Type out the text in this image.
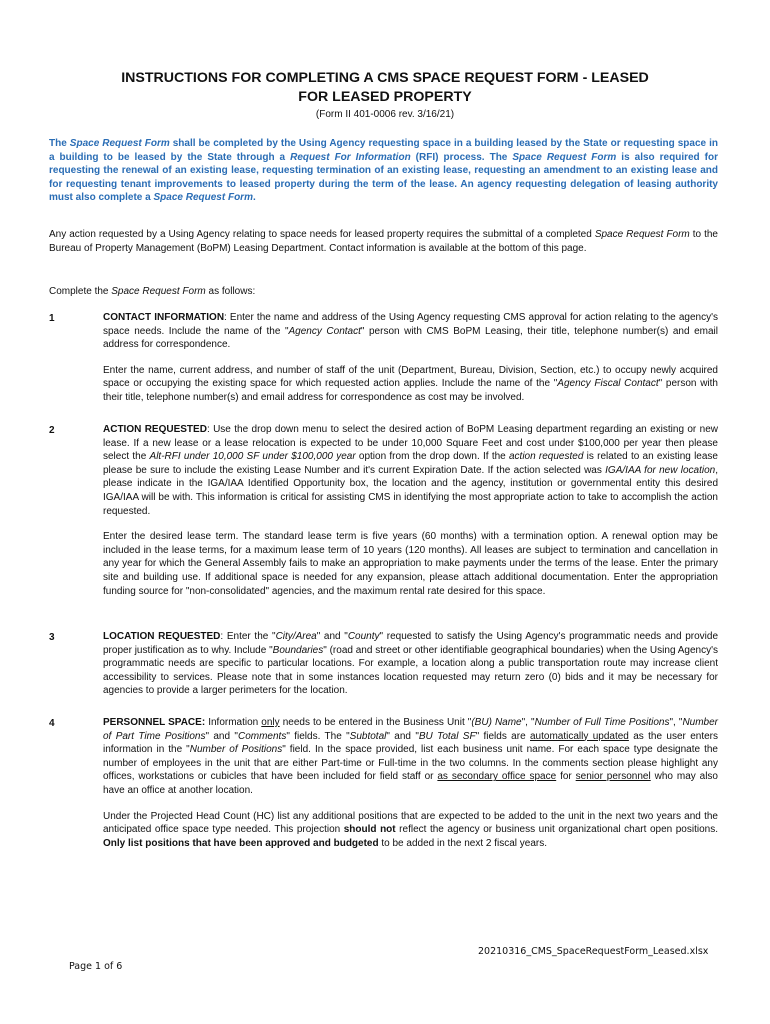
INSTRUCTIONS FOR COMPLETING A CMS SPACE REQUEST FORM - LEASED
FOR LEASED PROPERTY
(Form II 401-0006 rev. 3/16/21)
The Space Request Form shall be completed by the Using Agency requesting space in a building leased by the State or requesting space in a building to be leased by the State through a Request For Information (RFI) process. The Space Request Form is also required for requesting the renewal of an existing lease, requesting termination of an existing lease, requesting an amendment to an existing lease and for requesting tenant improvements to leased property during the term of the lease. An agency requesting delegation of leasing authority must also complete a Space Request Form.
Any action requested by a Using Agency relating to space needs for leased property requires the submittal of a completed Space Request Form to the Bureau of Property Management (BoPM) Leasing Department. Contact information is available at the bottom of this page.
Complete the Space Request Form as follows:
1	CONTACT INFORMATION: Enter the name and address of the Using Agency requesting CMS approval for action relating to the agency's space needs. Include the name of the "Agency Contact" person with CMS BoPM Leasing, their title, telephone number(s) and email address for correspondence.

Enter the name, current address, and number of staff of the unit (Department, Bureau, Division, Section, etc.) to occupy newly acquired space or occupying the existing space for which requested action applies. Include the name of the "Agency Fiscal Contact" person with their title, telephone number(s) and email address for correspondence as cost may be involved.

2	ACTION REQUESTED: Use the drop down menu to select the desired action of BoPM Leasing department regarding an existing or new lease. If a new lease or a lease relocation is expected to be under 10,000 Square Feet and cost under $100,000 per year then please select the Alt-RFI under 10,000 SF under $100,000 year option from the drop down. If the action requested is related to an existing lease please be sure to include the existing Lease Number and it's current Expiration Date. If the action selected was IGA/IAA for new location, please indicate in the IGA/IAA Identified Opportunity box, the location and the agency, institution or governmental entity this desired IGA/IAA will be with. This information is critical for assisting CMS in identifying the most appropriate action to take to accomplish the action requested.

Enter the desired lease term. The standard lease term is five years (60 months) with a termination option. A renewal option may be included in the lease terms, for a maximum lease term of 10 years (120 months). All leases are subject to termination and cancellation in any year for which the General Assembly fails to make an appropriation to make payments under the terms of the lease. Enter the primary site and building use. If additional space is needed for any expansion, please attach additional documentation. Enter the appropriation funding source for "non-consolidated" agencies, and the maximum rental rate desired for this space.

3	LOCATION REQUESTED: Enter the "City/Area" and "County" requested to satisfy the Using Agency's programmatic needs and provide proper justification as to why. Include "Boundaries" (road and street or other identifiable geographical boundaries) when the Using Agency's programmatic needs are specific to particular locations. For example, a location along a public transportation route may increase client accessibility to services. Please note that in some instances location requested may return zero (0) bids and it may be necessary for agencies to provide a larger perimeters for the location.

4	PERSONNEL SPACE: Information only needs to be entered in the Business Unit "(BU) Name", "Number of Full Time Positions", "Number of Part Time Positions" and "Comments" fields. The "Subtotal" and "BU Total SF" fields are automatically updated as the user enters information in the "Number of Positions" field. In the space provided, list each business unit name. For each space type designate the number of employees in the unit that are either Part-time or Full-time in the two columns. In the comments section please highlight any offices, workstations or cubicles that have been included for field staff or as secondary office space for senior personnel who may also have an office at another location.

Under the Projected Head Count (HC) list any additional positions that are expected to be added to the unit in the next two years and the anticipated office space type needed. This projection should not reflect the agency or business unit organizational chart open positions. Only list positions that have been approved and budgeted to be added in the next 2 fiscal years.

20210316_CMS_SpaceRequestForm_Leased.xlsx
Page 1 of 6
